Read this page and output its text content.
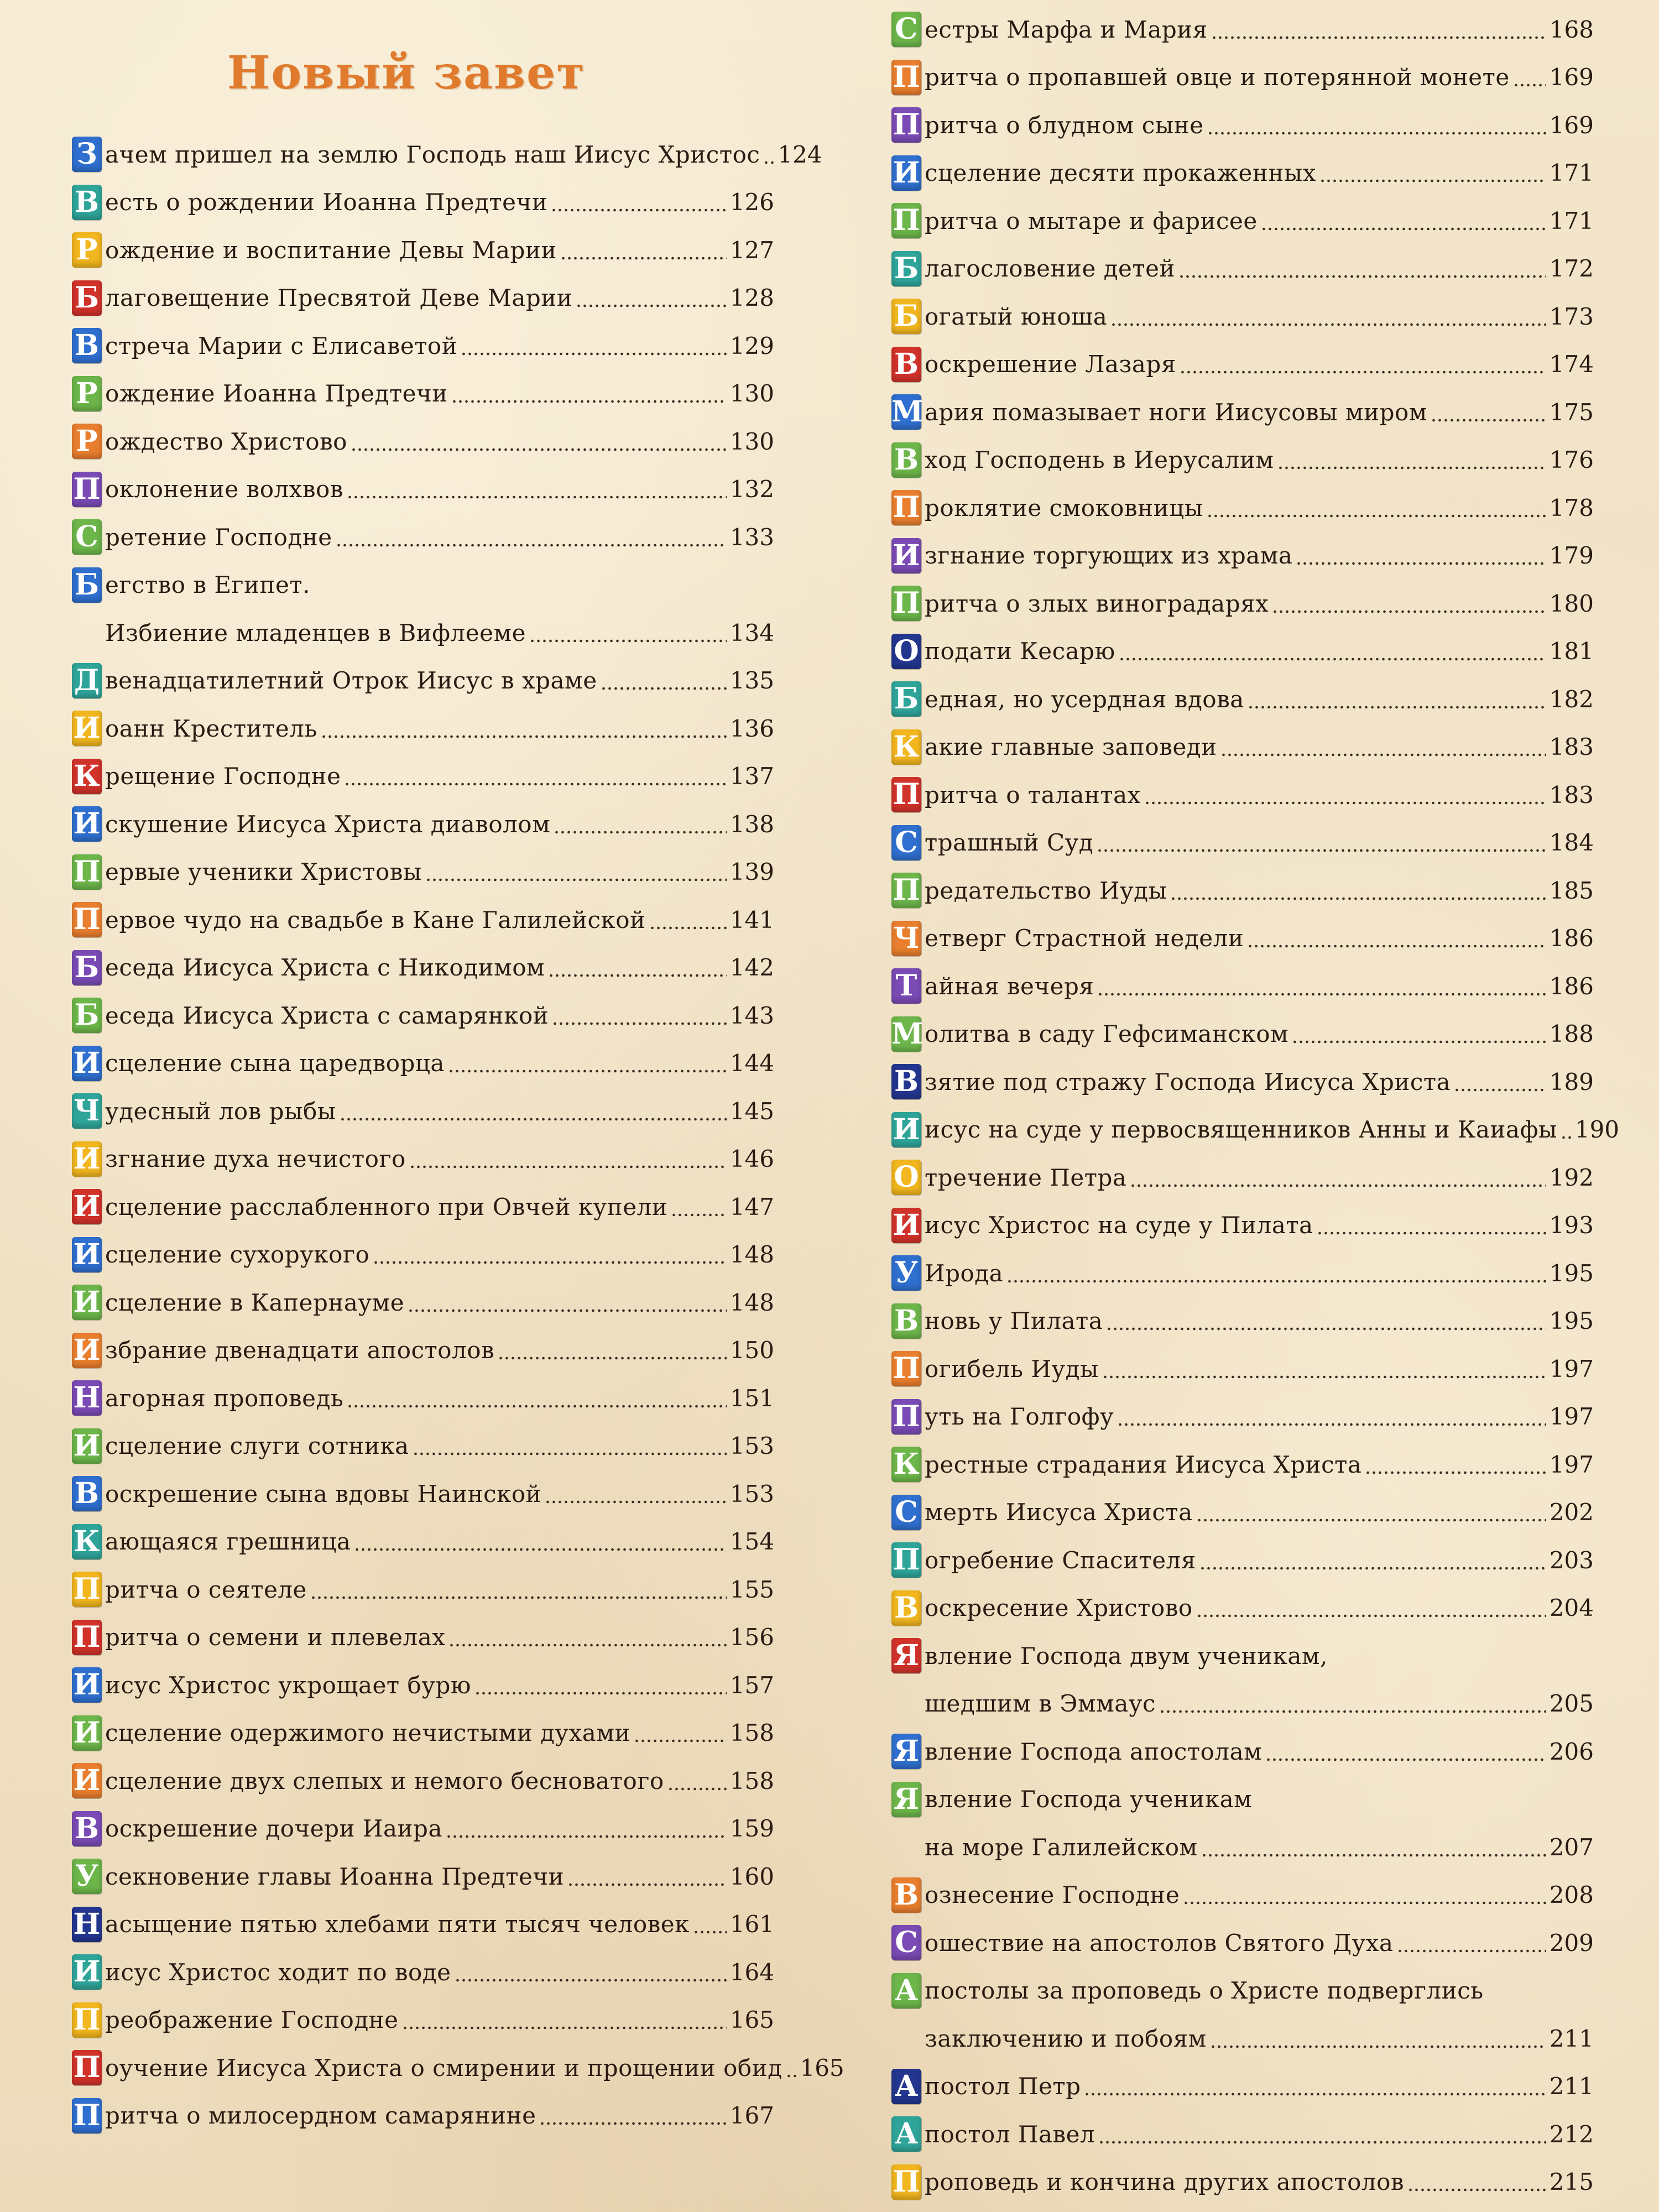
Новый завет
З ачем пришел на землю Господь наш Иисус Христос 124
В есть о рождении Иоанна Предтечи	126
Р ождение и воспитание Девы Марии	127
Б лаговещение Пресвятой Деве Марии	128
В стреча Марии с Елисаветой	129
Р ождение Иоанна Предтечи	130
Р ождество Христово	130
П оклонение волхвов	132
С ретение Господне	133
Б егство в Египет.
Избиение младенцев в Вифлееме	134
Д венадцатилетний Отрок Иисус в храме	135
И оанн Креститель	136
К рещение Господне	137
И скушение Иисуса Христа диаволом	138
П ервые ученики Христовы	139
П ервое чудо на свадьбе в Кане Галилейской	141
Б еседа Иисуса Христа с Никодимом	142
Б еседа Иисуса Христа с самарянкой	143
И сцеление сына царедворца	144
Ч удесный лов рыбы	145
И згнание духа нечистого	146
И сцеление расслабленного при Овчей купели	147
И сцеление сухорукого	148
И сцеление в Капернауме	148
И збрание двенадцати апостолов	150
Н агорная проповедь	151
И сцеление слуги сотника	153
В оскрешение сына вдовы Наинской	153
К ающаяся грешница	154
П ритча о сеятеле	155
П ритча о семени и плевелах	156
И исус Христос укрощает бурю	157
И сцеление одержимого нечистыми духами	158
И сцеление двух слепых и немого бесноватого	158
В оскрешение дочери Иаира	159
У секновение главы Иоанна Предтечи	160
Н асыщение пятью хлебами пяти тысяч человек 161
И исус Христос ходит по воде	164
П реображение Господне	165
П оучение Иисуса Христа о смирении и прощении обид 165
П ритча о милосердном самарянине	167
С естры Марфа и Мария	168
П ритча о пропавшей овце и потерянной монете 169
П ритча о блудном сыне	169
И сцеление десяти прокаженных	171
П ритча о мытаре и фарисее	171
Б лагословение детей	172
Б огатый юноша	173
В оскрешение Лазаря	174
М ария помазывает ноги Иисусовы миром	175
В ход Господень в Иерусалим	176
П роклятие смоковницы	178
И згнание торгующих из храма	179
П ритча о злых виноградарях	180
О подати Кесарю	181
Б едная, но усердная вдова	182
К акие главные заповеди	183
П ритча о талантах	183
С трашный Суд	184
П редательство Иуды	185
Ч етверг Страстной недели	186
Т айная вечеря	186
М олитва в саду Гефсиманском	188
В зятие под стражу Господа Иисуса Христа	189
И исус на суде у первосвященников Анны и Каиафы 190
О тречение Петра	192
И исус Христос на суде у Пилата	193
У Ирода	195
В новь у Пилата	195
П огибель Иуды	197
П уть на Голгофу	197
К рестные страдания Иисуса Христа	197
С мерть Иисуса Христа	202
П огребение Спасителя	203
В оскресение Христово	204
Я вление Господа двум ученикам,
шедшим в Эммаус	205
Я вление Господа апостолам	206
Я вление Господа ученикам
на море Галилейском	207
В ознесение Господне	208
С ошествие на апостолов Святого Духа	209
А постолы за проповедь о Христе подверглись
заключению и побоям	211
А постол Петр	211
А постол Павел	212
П роповедь и кончина других апостолов	215
